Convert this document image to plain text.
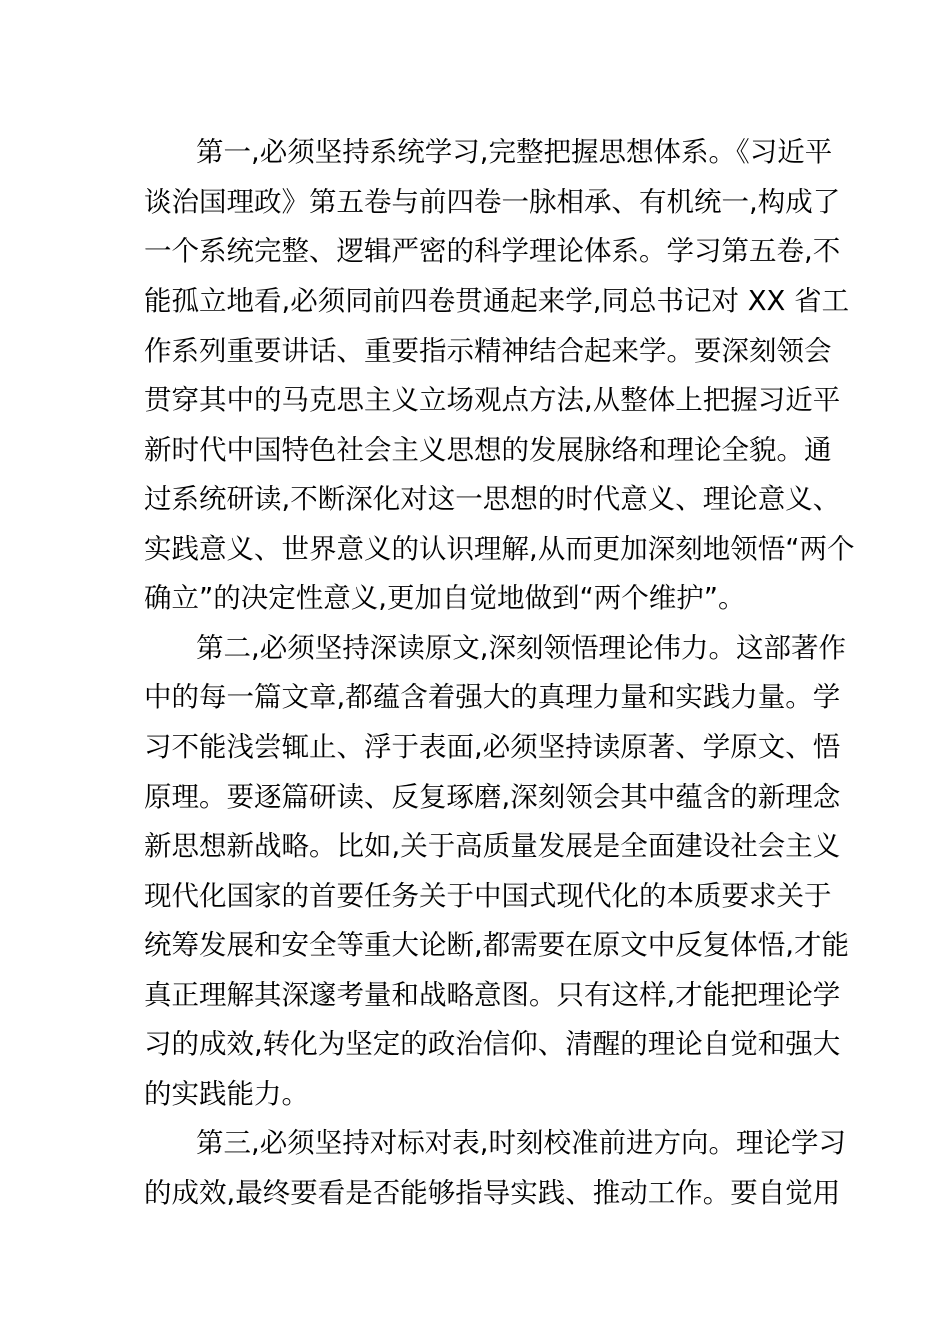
第一,必须坚持系统学习,完整把握思想体系。《习近平
谈治国理政》第五卷与前四卷一脉相承、有机统一,构成了
一个系统完整、逻辑严密的科学理论体系。学习第五卷,不
能孤立地看,必须同前四卷贯通起来学,同总书记对 XX 省工
作系列重要讲话、重要指示精神结合起来学。要深刻领会
贯穿其中的马克思主义立场观点方法,从整体上把握习近平
新时代中国特色社会主义思想的发展脉络和理论全貌。通
过系统研读,不断深化对这一思想的时代意义、理论意义、
实践意义、世界意义的认识理解,从而更加深刻地领悟“两个
确立”的决定性意义,更加自觉地做到“两个维护”。
第二,必须坚持深读原文,深刻领悟理论伟力。这部著作
中的每一篇文章,都蕴含着强大的真理力量和实践力量。学
习不能浅尝辄止、浮于表面,必须坚持读原著、学原文、悟
原理。要逐篇研读、反复琢磨,深刻领会其中蕴含的新理念
新思想新战略。比如,关于高质量发展是全面建设社会主义
现代化国家的首要任务关于中国式现代化的本质要求关于
统筹发展和安全等重大论断,都需要在原文中反复体悟,才能
真正理解其深邃考量和战略意图。只有这样,才能把理论学
习的成效,转化为坚定的政治信仰、清醒的理论自觉和强大
的实践能力。
第三,必须坚持对标对表,时刻校准前进方向。理论学习
的成效,最终要看是否能够指导实践、推动工作。要自觉用
